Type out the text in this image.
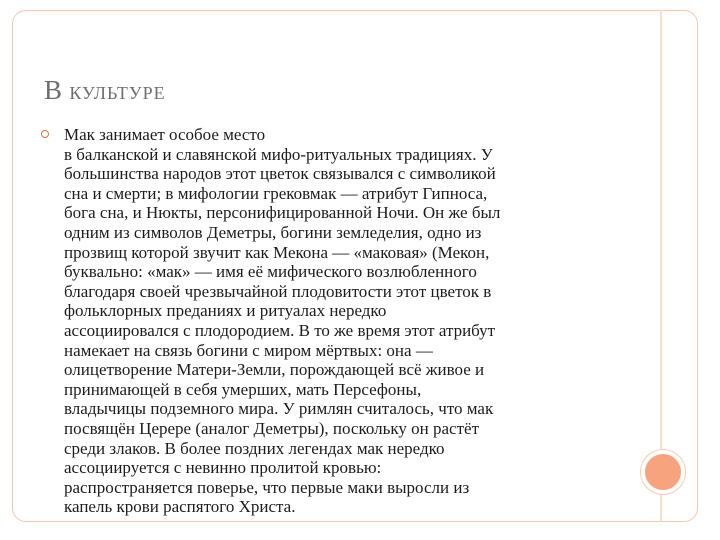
В КУЛЬТУРЕ
Мак занимает особое место
в балканской и славянской мифо-ритуальных традициях. У
большинства народов этот цветок связывался с символикой
сна и смерти; в мифологии грековмак — атрибут Гипноса,
бога сна, и Нюкты, персонифицированной Ночи. Он же был
одним из символов Деметры, богини земледелия, одно из
прозвищ которой звучит как Мекона — «маковая» (Мекон,
буквально: «мак» — имя её мифического возлюбленного
благодаря своей чрезвычайной плодовитости этот цветок в
фольклорных преданиях и ритуалах нередко
ассоциировался с плодородием. В то же время этот атрибут
намекает на связь богини с миром мёртвых: она —
олицетворение Матери-Земли, порождающей всё живое и
принимающей в себя умерших, мать Персефоны,
владычицы подземного мира. У римлян считалось, что мак
посвящён Церере (аналог Деметры), поскольку он растёт
среди злаков. В более поздних легендах мак нередко
ассоциируется с невинно пролитой кровью:
распространяется поверье, что первые маки выросли из
капель крови распятого Христа.
